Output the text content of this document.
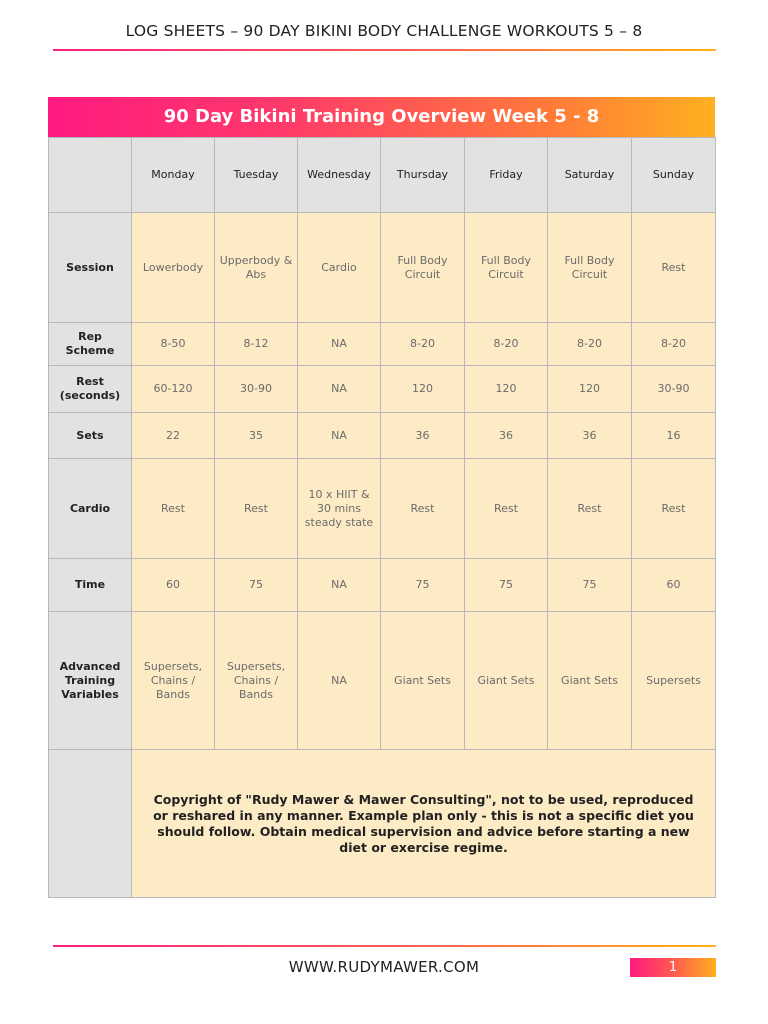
LOG SHEETS – 90 DAY BIKINI BODY CHALLENGE WORKOUTS 5 – 8
90 Day Bikini Training Overview Week 5 - 8
	Monday	Tuesday	Wednesday	Thursday	Friday	Saturday	Sunday
Session	Lowerbody	Upperbody & Abs	Cardio	Full Body Circuit	Full Body Circuit	Full Body Circuit	Rest
Rep Scheme	8-50	8-12	NA	8-20	8-20	8-20	8-20
Rest (seconds)	60-120	30-90	NA	120	120	120	30-90
Sets	22	35	NA	36	36	36	16
Cardio	Rest	Rest	10 x HIIT & 30 mins steady state	Rest	Rest	Rest	Rest
Time	60	75	NA	75	75	75	60
Advanced Training Variables	Supersets, Chains / Bands	Supersets, Chains / Bands	NA	Giant Sets	Giant Sets	Giant Sets	Supersets
	Copyright of "Rudy Mawer & Mawer Consulting", not to be used, reproduced or reshared in any manner. Example plan only - this is not a specific diet you should follow. Obtain medical supervision and advice before starting a new diet or exercise regime.						
WWW.RUDYMAWER.COM	1
